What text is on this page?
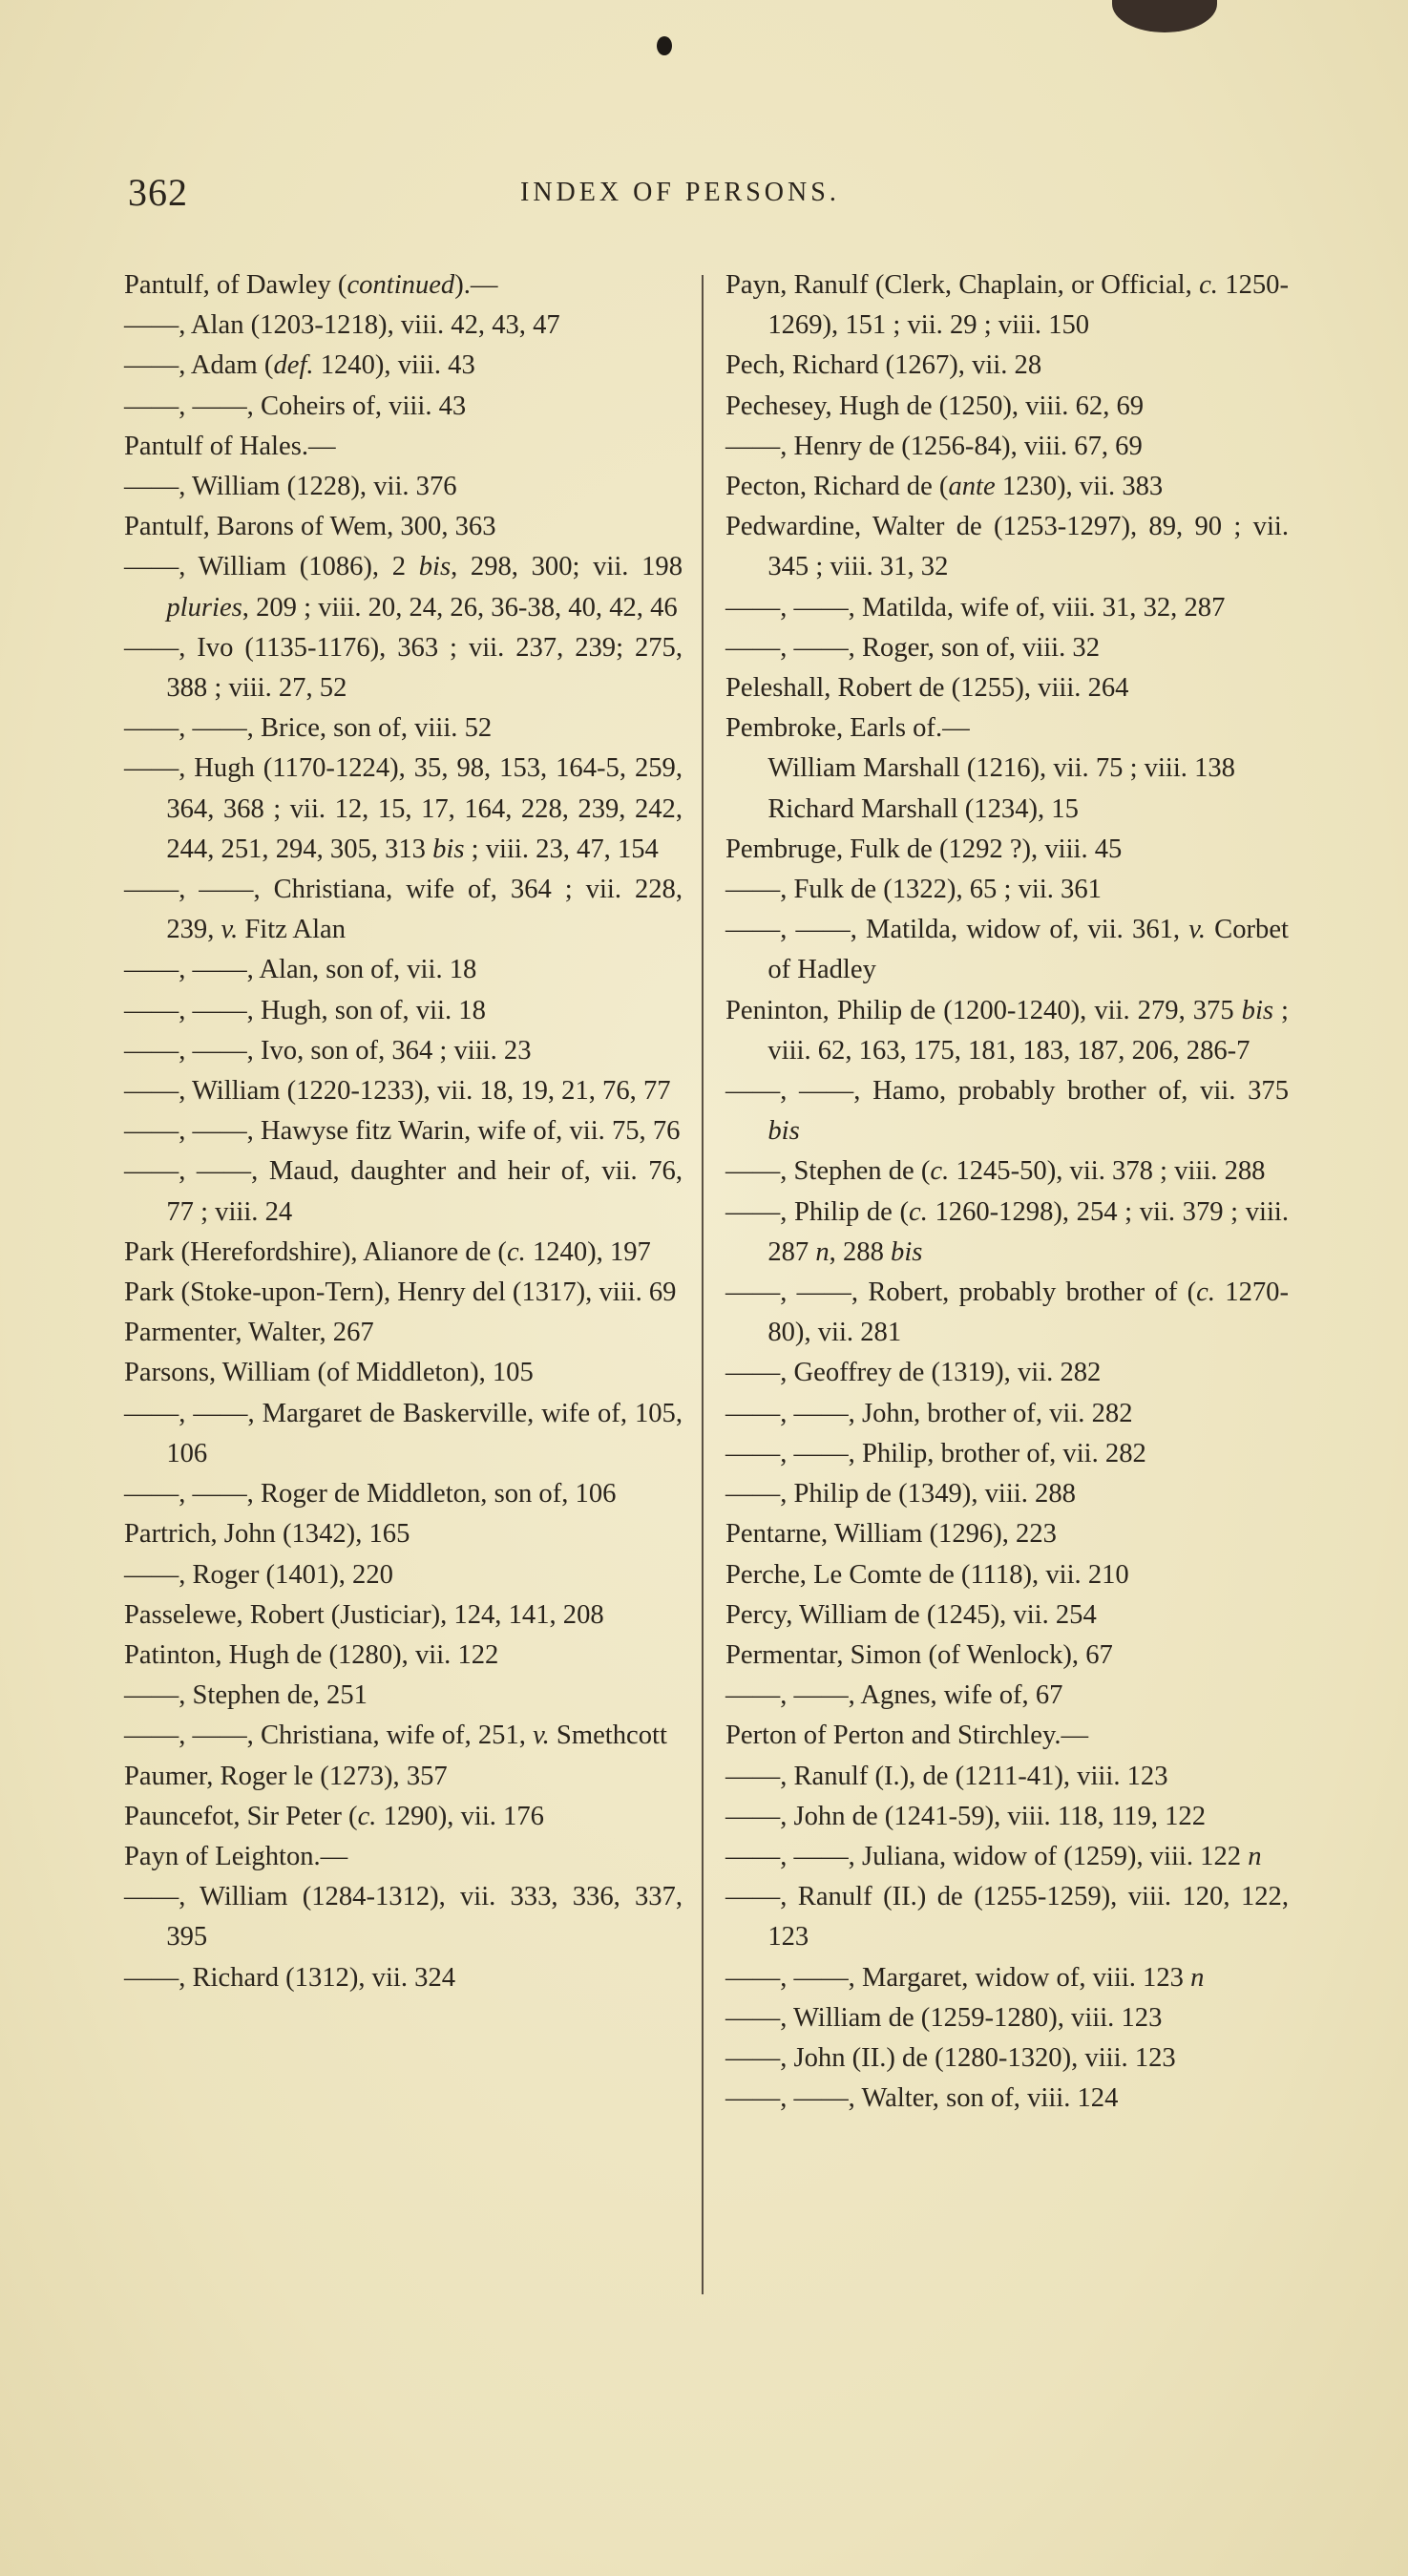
362	INDEX OF PERSONS.
Pantulf, of Dawley (continued).—
——, Alan (1203-1218), viii. 42, 43, 47
——, Adam (def. 1240), viii. 43
——, ——, Coheirs of, viii. 43
Pantulf of Hales.—
——, William (1228), vii. 376
Pantulf, Barons of Wem, 300, 363
——, William (1086), 2 bis, 298, 300; vii. 198 pluries, 209 ; viii. 20, 24, 26, 36-38, 40, 42, 46
——, Ivo (1135-1176), 363 ; vii. 237, 239; 275, 388 ; viii. 27, 52
——, ——, Brice, son of, viii. 52
——, Hugh (1170-1224), 35, 98, 153, 164-5, 259, 364, 368 ; vii. 12, 15, 17, 164, 228, 239, 242, 244, 251, 294, 305, 313 bis ; viii. 23, 47, 154
——, ——, Christiana, wife of, 364 ; vii. 228, 239, v. Fitz Alan
——, ——, Alan, son of, vii. 18
——, ——, Hugh, son of, vii. 18
——, ——, Ivo, son of, 364 ; viii. 23
——, William (1220-1233), vii. 18, 19, 21, 76, 77
——, ——, Hawyse fitz Warin, wife of, vii. 75, 76
——, ——, Maud, daughter and heir of, vii. 76, 77 ; viii. 24
Park (Herefordshire), Alianore de (c. 1240), 197
Park (Stoke-upon-Tern), Henry del (1317), viii. 69
Parmenter, Walter, 267
Parsons, William (of Middleton), 105
——, ——, Margaret de Baskerville, wife of, 105, 106
——, ——, Roger de Middleton, son of, 106
Partrich, John (1342), 165
——, Roger (1401), 220
Passelewe, Robert (Justiciar), 124, 141, 208
Patinton, Hugh de (1280), vii. 122
——, Stephen de, 251
——, ——, Christiana, wife of, 251, v. Smethcott
Paumer, Roger le (1273), 357
Pauncefot, Sir Peter (c. 1290), vii. 176
Payn of Leighton.—
——, William (1284-1312), vii. 333, 336, 337, 395
——, Richard (1312), vii. 324
Payn, Ranulf (Clerk, Chaplain, or Official, c. 1250-1269), 151 ; vii. 29 ; viii. 150
Pech, Richard (1267), vii. 28
Pechesey, Hugh de (1250), viii. 62, 69
——, Henry de (1256-84), viii. 67, 69
Pecton, Richard de (ante 1230), vii. 383
Pedwardine, Walter de (1253-1297), 89, 90 ; vii. 345 ; viii. 31, 32
——, ——, Matilda, wife of, viii. 31, 32, 287
——, ——, Roger, son of, viii. 32
Peleshall, Robert de (1255), viii. 264
Pembroke, Earls of.—
William Marshall (1216), vii. 75 ; viii. 138
Richard Marshall (1234), 15
Pembruge, Fulk de (1292 ?), viii. 45
——, Fulk de (1322), 65 ; vii. 361
——, ——, Matilda, widow of, vii. 361, v. Corbet of Hadley
Peninton, Philip de (1200-1240), vii. 279, 375 bis ; viii. 62, 163, 175, 181, 183, 187, 206, 286-7
——, ——, Hamo, probably brother of, vii. 375 bis
——, Stephen de (c. 1245-50), vii. 378 ; viii. 288
——, Philip de (c. 1260-1298), 254 ; vii. 379 ; viii. 287 n, 288 bis
——, ——, Robert, probably brother of (c. 1270-80), vii. 281
——, Geoffrey de (1319), vii. 282
——, ——, John, brother of, vii. 282
——, ——, Philip, brother of, vii. 282
——, Philip de (1349), viii. 288
Pentarne, William (1296), 223
Perche, Le Comte de (1118), vii. 210
Percy, William de (1245), vii. 254
Permentar, Simon (of Wenlock), 67
——, ——, Agnes, wife of, 67
Perton of Perton and Stirchley.—
——, Ranulf (I.), de (1211-41), viii. 123
——, John de (1241-59), viii. 118, 119, 122
——, ——, Juliana, widow of (1259), viii. 122 n
——, Ranulf (II.) de (1255-1259), viii. 120, 122, 123
——, ——, Margaret, widow of, viii. 123 n
——, William de (1259-1280), viii. 123
——, John (II.) de (1280-1320), viii. 123
——, ——, Walter, son of, viii. 124
